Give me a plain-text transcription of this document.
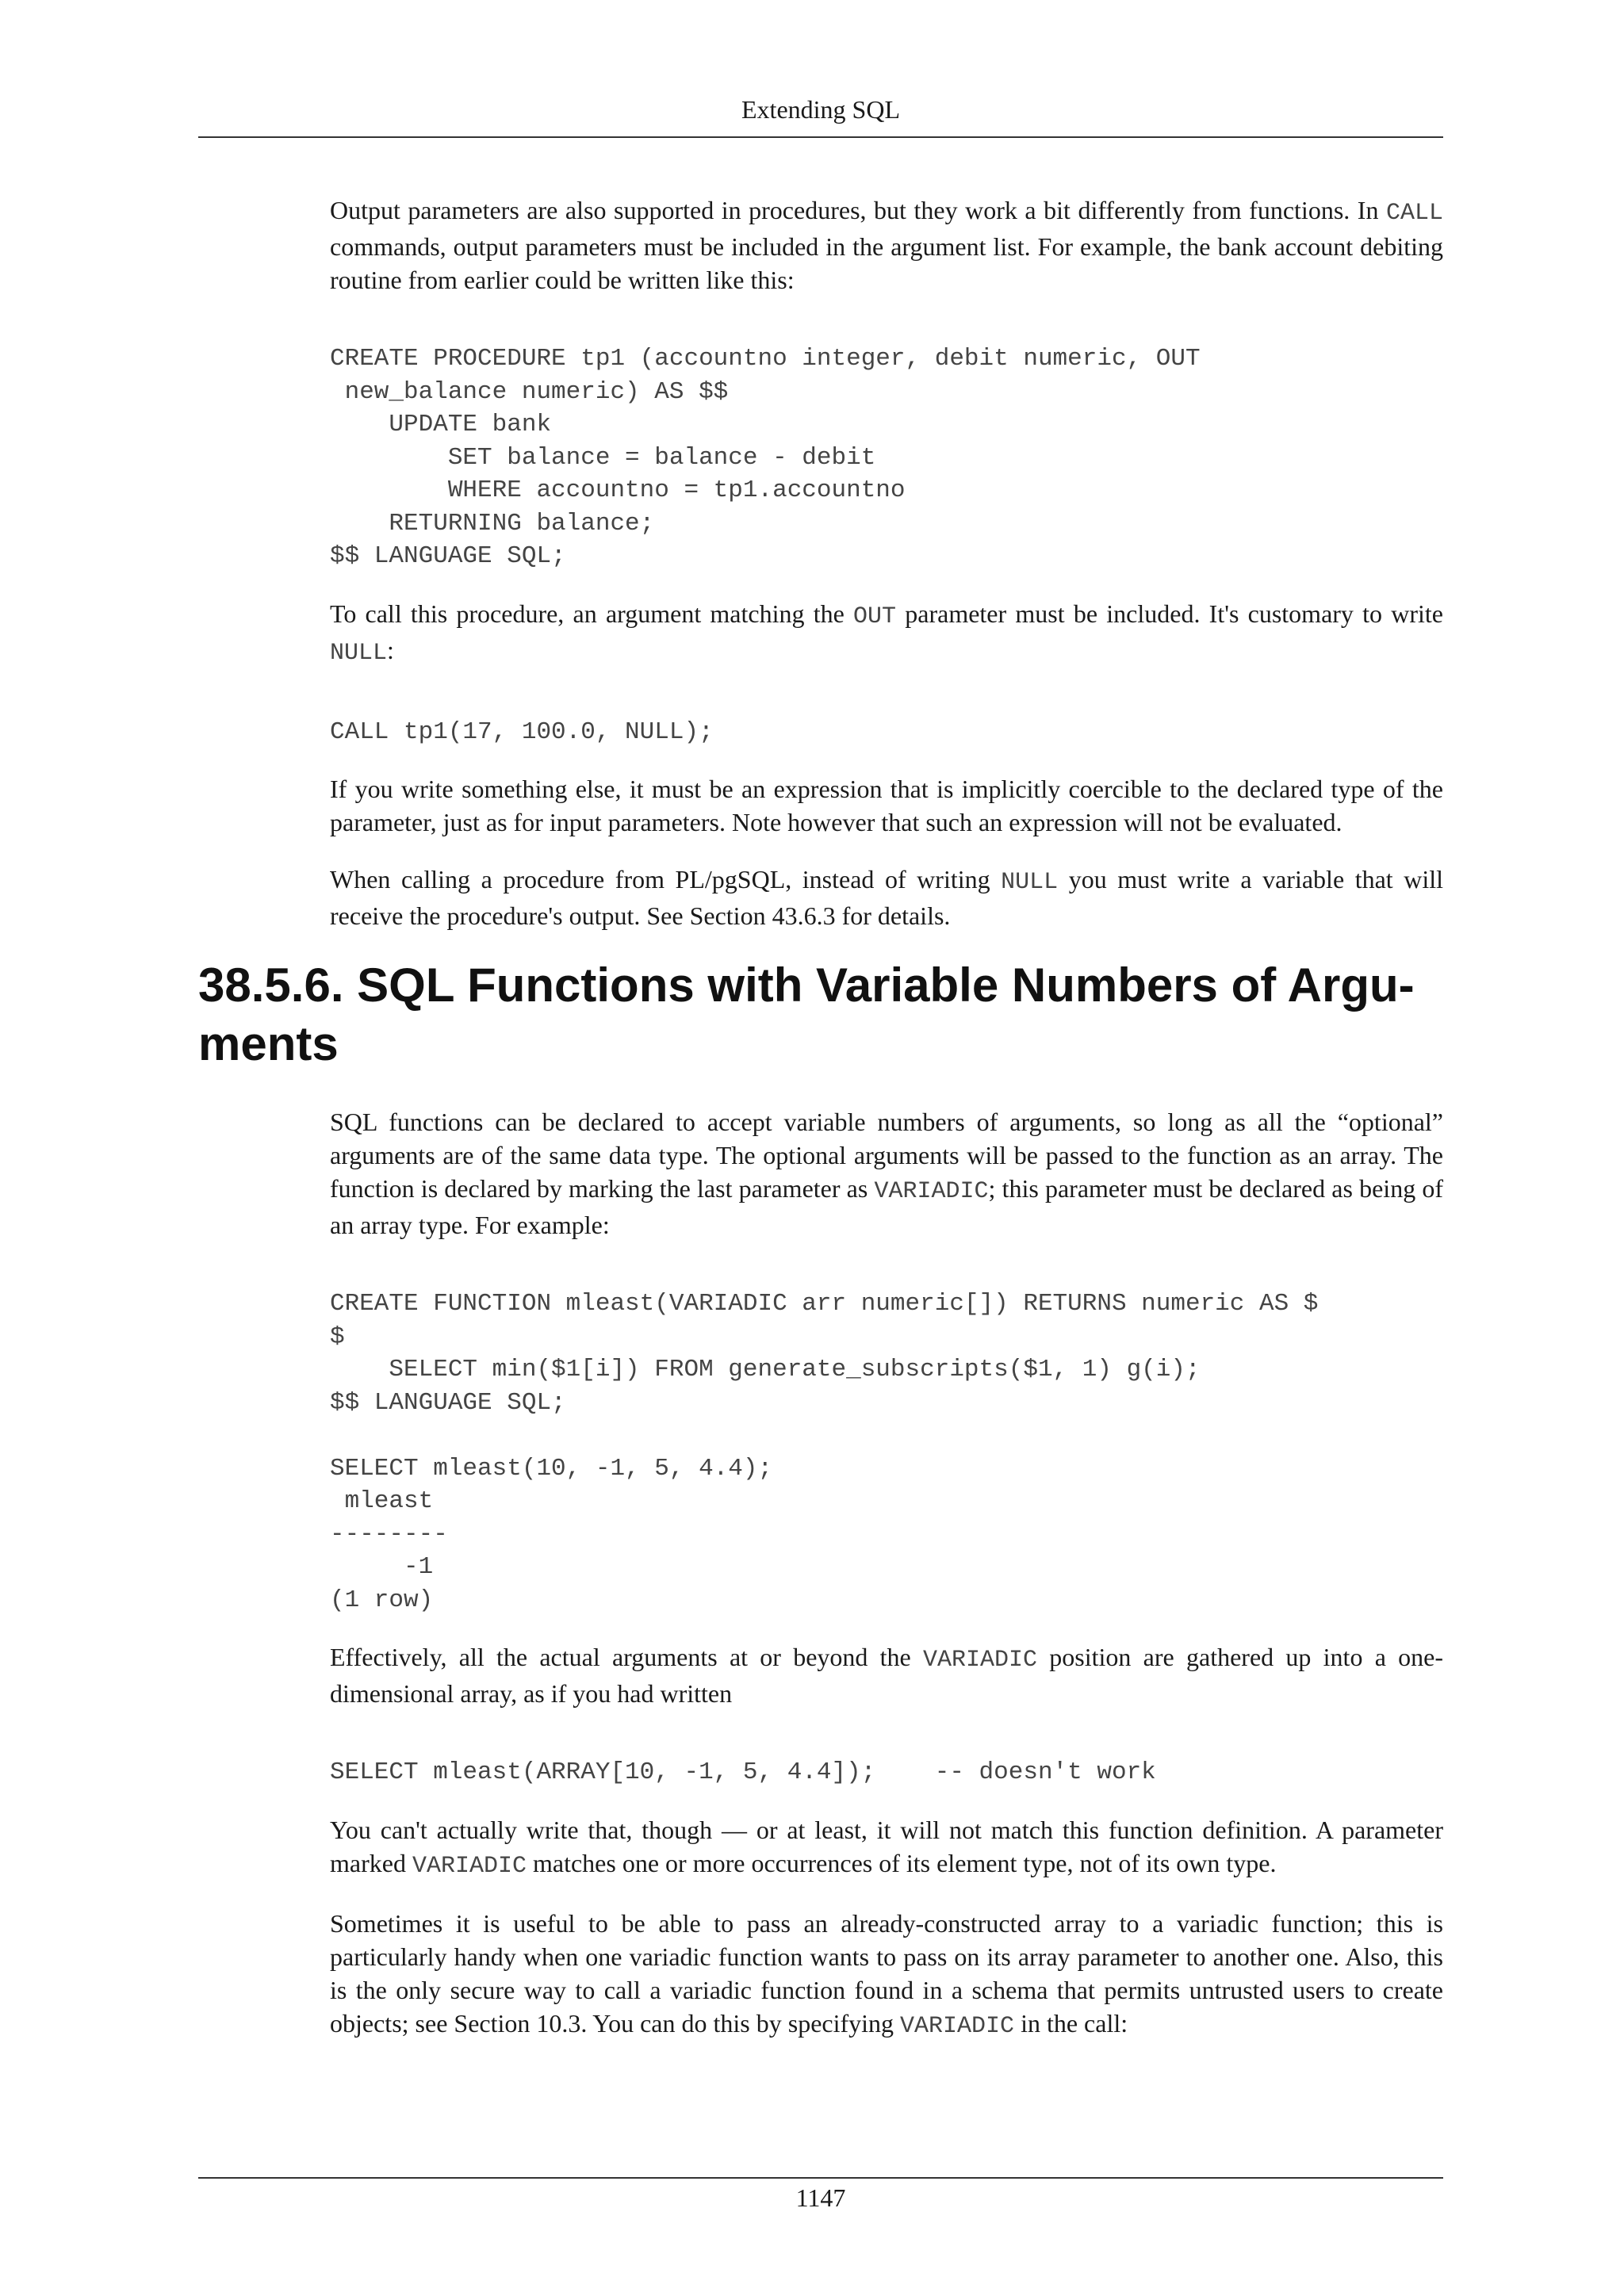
Extending SQL

Output parameters are also supported in procedures, but they work a bit differently from functions. In CALL commands, output parameters must be included in the argument list. For example, the bank account debiting routine from earlier could be written like this:

CREATE PROCEDURE tp1 (accountno integer, debit numeric, OUT
new_balance numeric) AS $$
UPDATE bank
SET balance = balance - debit
WHERE accountno = tp1.accountno
RETURNING balance;
$$ LANGUAGE SQL;

To call this procedure, an argument matching the OUT parameter must be included. It's customary to write NULL:

CALL tp1(17, 100.0, NULL);

If you write something else, it must be an expression that is implicitly coercible to the declared type of the parameter, just as for input parameters. Note however that such an expression will not be evaluated.

When calling a procedure from PL/pgSQL, instead of writing NULL you must write a variable that will receive the procedure's output. See Section 43.6.3 for details.

38.5.6. SQL Functions with Variable Numbers of Argu-
ments

SQL functions can be declared to accept variable numbers of arguments, so long as all the “optional” arguments are of the same data type. The optional arguments will be passed to the function as an array. The function is declared by marking the last parameter as VARIADIC; this parameter must be declared as being of an array type. For example:

CREATE FUNCTION mleast(VARIADIC arr numeric[]) RETURNS numeric AS $
$
SELECT min($1[i]) FROM generate_subscripts($1, 1) g(i);
$$ LANGUAGE SQL;

SELECT mleast(10, -1, 5, 4.4);
mleast
--------
-1
(1 row)

Effectively, all the actual arguments at or beyond the VARIADIC position are gathered up into a one-dimensional array, as if you had written

SELECT mleast(ARRAY[10, -1, 5, 4.4]);    -- doesn't work

You can't actually write that, though — or at least, it will not match this function definition. A parameter marked VARIADIC matches one or more occurrences of its element type, not of its own type.

Sometimes it is useful to be able to pass an already-constructed array to a variadic function; this is particularly handy when one variadic function wants to pass on its array parameter to another one. Also, this is the only secure way to call a variadic function found in a schema that permits untrusted users to create objects; see Section 10.3. You can do this by specifying VARIADIC in the call:

1147
